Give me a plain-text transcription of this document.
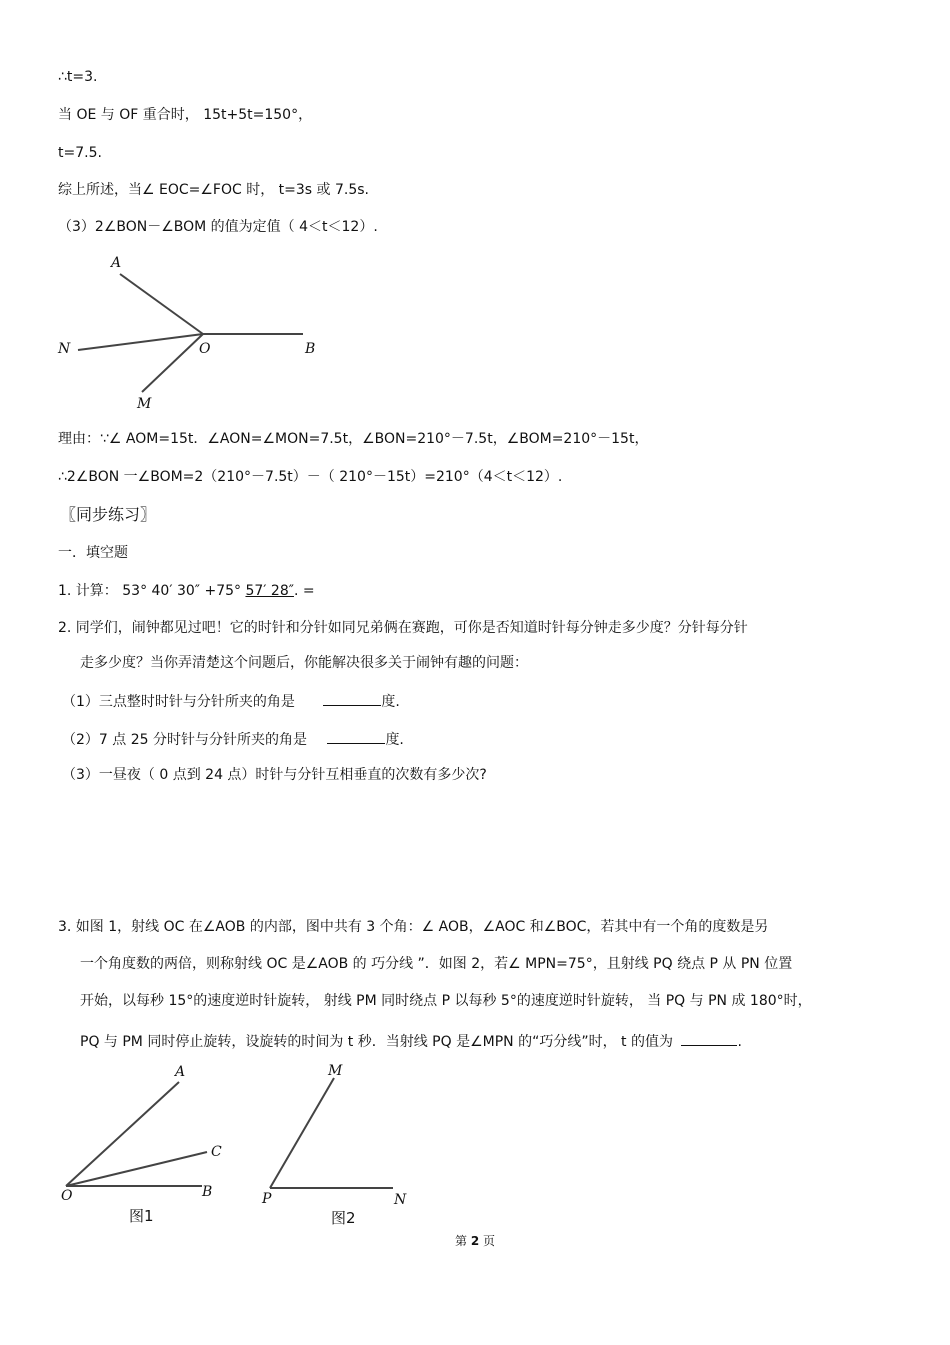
∴t=3.
当 OE 与 OF 重合时， 15t+5t=150°，
t=7.5.
综上所述，当∠ EOC=∠FOC 时， t=3s 或 7.5s.
（3）2∠BON－∠BOM 的值为定值（ 4＜t＜12）.
A
N	O	B
M
理由：∵∠ AOM=15t．∠AON=∠MON=7.5t，∠BON=210°－7.5t，∠BOM=210°－15t，
∴2∠BON 一∠BOM=2（210°－7.5t）－（ 210°－15t）=210°（4＜t＜12）.
〖同步练习〗
一．填空题
1. 计算： 53° 40′ 30″ +75° 57′ 28″. =
2. 同学们，闹钟都见过吧！它的时针和分针如同兄弟俩在赛跑，可你是否知道时针每分钟走多少度？分针每分针
走多少度？当你弄清楚这个问题后，你能解决很多关于闹钟有趣的问题：
（1）三点整时时针与分针所夹的角是	度.
（2）7 点 25 分时针与分针所夹的角是	度.
（3）一昼夜（ 0 点到 24 点）时针与分针互相垂直的次数有多少次?
3. 如图 1，射线 OC 在∠AOB 的内部，图中共有 3 个角：∠ AOB，∠AOC 和∠BOC，若其中有一个角的度数是另
一个角度数的两倍，则称射线 OC 是∠AOB 的 巧分线 ”．如图 2，若∠ MPN=75°，且射线 PQ 绕点 P 从 PN 位置
开始，以每秒 15°的速度逆时针旋转， 射线 PM 同时绕点 P 以每秒 5°的速度逆时针旋转， 当 PQ 与 PN 成 180°时，
PQ 与 PM 同时停止旋转，设旋转的时间为 t 秒．当射线 PQ 是∠MPN 的“巧分线”时， t 的值为	.
A
C
O	B
图1
M
P	N
图2
第 2 页
